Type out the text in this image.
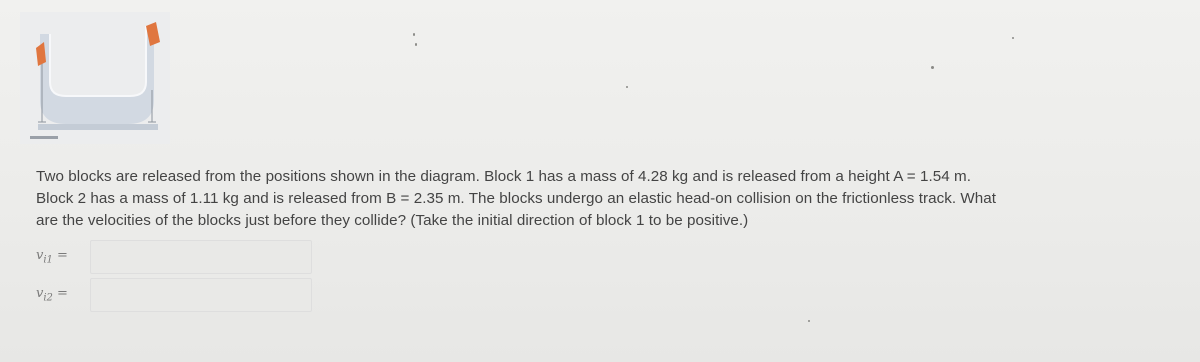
Two blocks are released from the positions shown in the diagram. Block 1 has a mass of 4.28 kg and is released from a height A = 1.54 m.
Block 2 has a mass of 1.11 kg and is released from B = 2.35 m. The blocks undergo an elastic head-on collision on the frictionless track. What
are the velocities of the blocks just before they collide? (Take the initial direction of block 1 to be positive.)
$v_{i1}$ =
$v_{i2}$ =
